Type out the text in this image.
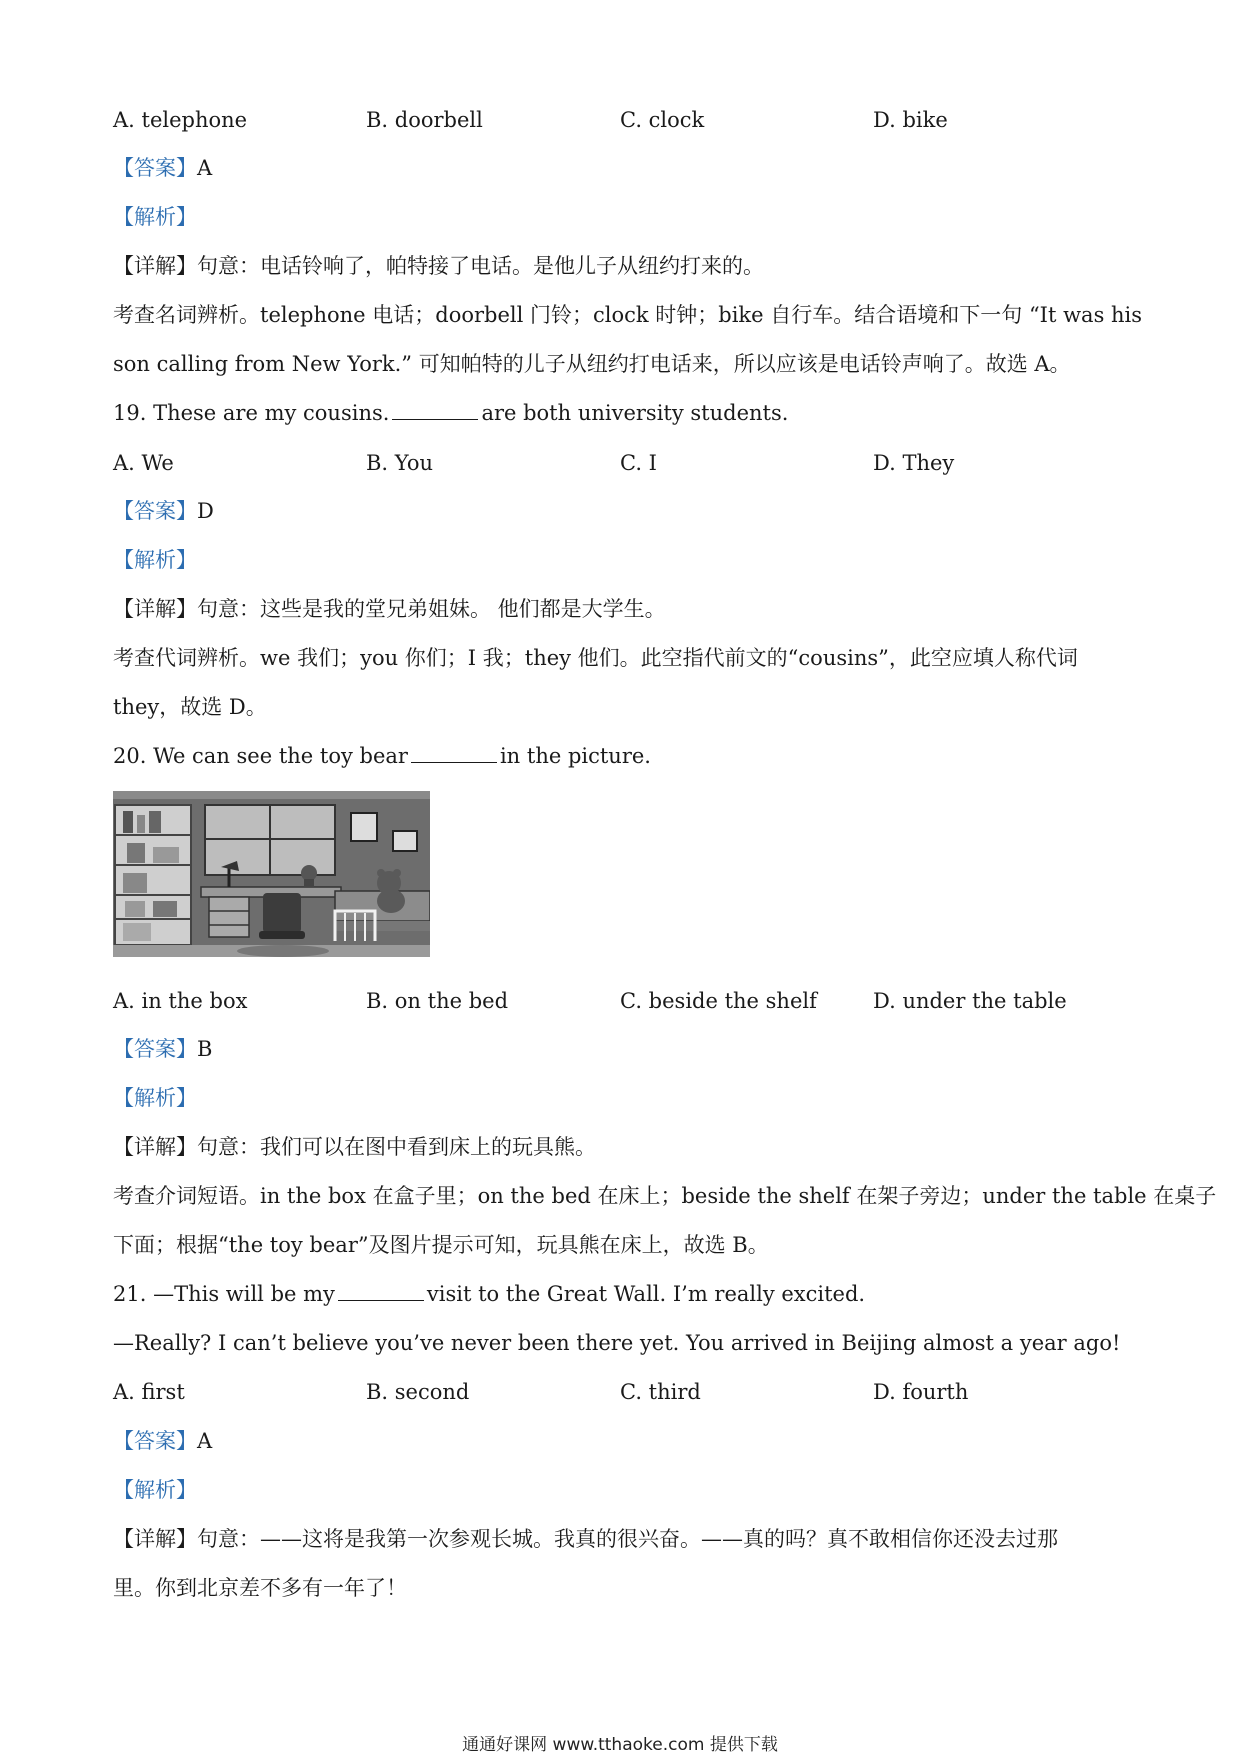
A. telephone	B. doorbell	C. clock	D. bike
【答案】A
【解析】
【详解】句意：电话铃响了，帕特接了电话。是他儿子从纽约打来的。
考查名词辨析。telephone 电话；doorbell 门铃；clock 时钟；bike 自行车。结合语境和下一句 “It was his
son calling from New York.” 可知帕特的儿子从纽约打电话来，所以应该是电话铃声响了。故选 A。
19. These are my cousins.	are both university students.
A. We	B. You	C. I	D. They
【答案】D
【解析】
【详解】句意：这些是我的堂兄弟姐妹。 他们都是大学生。
考查代词辨析。we 我们；you 你们；I 我；they 他们。此空指代前文的“cousins”，此空应填人称代词
they，故选 D。
20. We can see the toy bear	in the picture.
A. in the box	B. on the bed	C. beside the shelf	D. under the table
【答案】B
【解析】
【详解】句意：我们可以在图中看到床上的玩具熊。
考查介词短语。in the box 在盒子里；on the bed 在床上；beside the shelf 在架子旁边；under the table 在桌子
下面；根据“the toy bear”及图片提示可知，玩具熊在床上，故选 B。
21. —This will be my	visit to the Great Wall. I’m really excited.
—Really? I can’t believe you’ve never been there yet. You arrived in Beijing almost a year ago!
A. first	B. second	C. third	D. fourth
【答案】A
【解析】
【详解】句意：——这将是我第一次参观长城。我真的很兴奋。——真的吗？真不敢相信你还没去过那
里。你到北京差不多有一年了！
通通好课网 www.tthaoke.com 提供下载
